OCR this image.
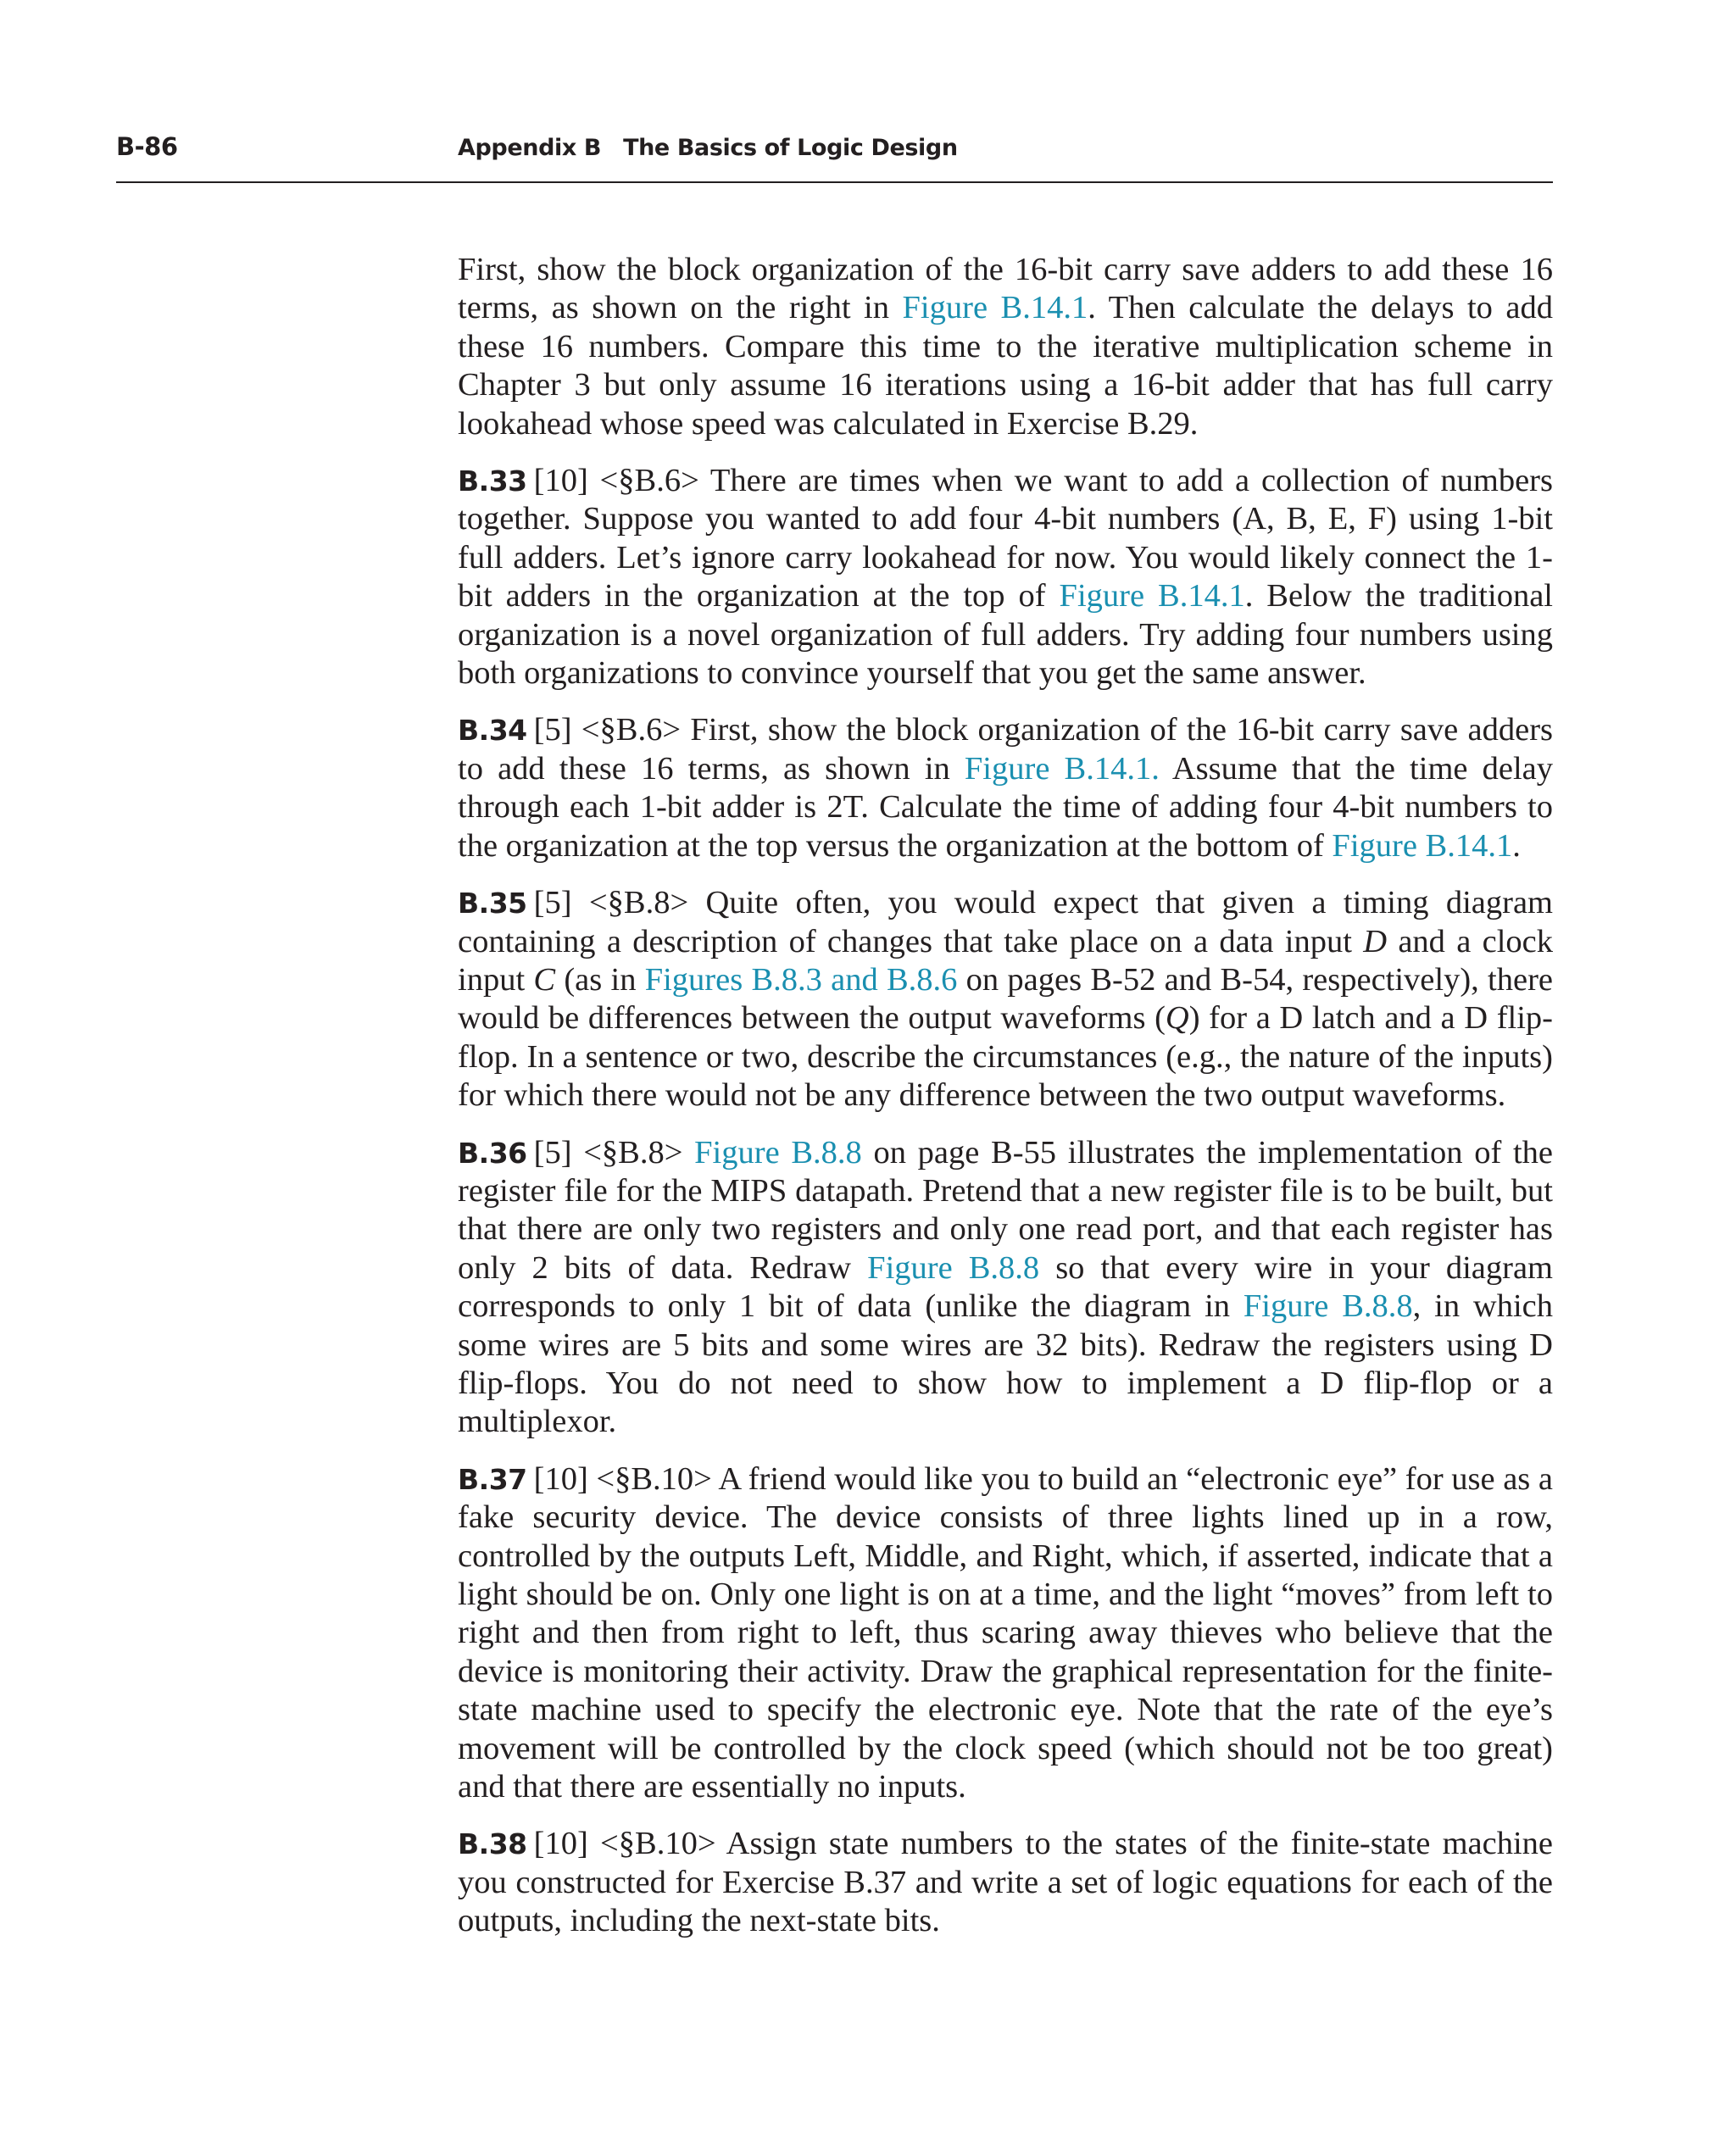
B-86	Appendix B The Basics of Logic Design

First, show the block organization of the 16-bit carry save adders to add these 16 terms, as shown on the right in Figure B.14.1. Then calculate the delays to add these 16 numbers. Compare this time to the iterative multiplication scheme in Chapter 3 but only assume 16 iterations using a 16-bit adder that has full carry lookahead whose speed was calculated in Exercise B.29.

B.33 [10] <§B.6> There are times when we want to add a collection of numbers together. Suppose you wanted to add four 4-bit numbers (A, B, E, F) using 1-bit full adders. Let’s ignore carry lookahead for now. You would likely connect the 1-bit adders in the organization at the top of Figure B.14.1. Below the traditional organization is a novel organization of full adders. Try adding four numbers using both organizations to convince yourself that you get the same answer.

B.34 [5] <§B.6> First, show the block organization of the 16-bit carry save adders to add these 16 terms, as shown in Figure B.14.1. Assume that the time delay through each 1-bit adder is 2T. Calculate the time of adding four 4-bit numbers to the organization at the top versus the organization at the bottom of Figure B.14.1.

B.35 [5] <§B.8> Quite often, you would expect that given a timing diagram containing a description of changes that take place on a data input D and a clock input C (as in Figures B.8.3 and B.8.6 on pages B-52 and B-54, respectively), there would be differences between the output waveforms (Q) for a D latch and a D flip-flop. In a sentence or two, describe the circumstances (e.g., the nature of the inputs) for which there would not be any difference between the two output waveforms.

B.36 [5] <§B.8> Figure B.8.8 on page B-55 illustrates the implementation of the register file for the MIPS datapath. Pretend that a new register file is to be built, but that there are only two registers and only one read port, and that each register has only 2 bits of data. Redraw Figure B.8.8 so that every wire in your diagram corresponds to only 1 bit of data (unlike the diagram in Figure B.8.8, in which some wires are 5 bits and some wires are 32 bits). Redraw the registers using D flip-flops. You do not need to show how to implement a D flip-flop or a multiplexor.

B.37 [10] <§B.10> A friend would like you to build an “electronic eye” for use as a fake security device. The device consists of three lights lined up in a row, controlled by the outputs Left, Middle, and Right, which, if asserted, indicate that a light should be on. Only one light is on at a time, and the light “moves” from left to right and then from right to left, thus scaring away thieves who believe that the device is monitoring their activity. Draw the graphical representation for the finite-state machine used to specify the electronic eye. Note that the rate of the eye’s movement will be controlled by the clock speed (which should not be too great) and that there are essentially no inputs.

B.38 [10] <§B.10> Assign state numbers to the states of the finite-state machine you constructed for Exercise B.37 and write a set of logic equations for each of the outputs, including the next-state bits.
